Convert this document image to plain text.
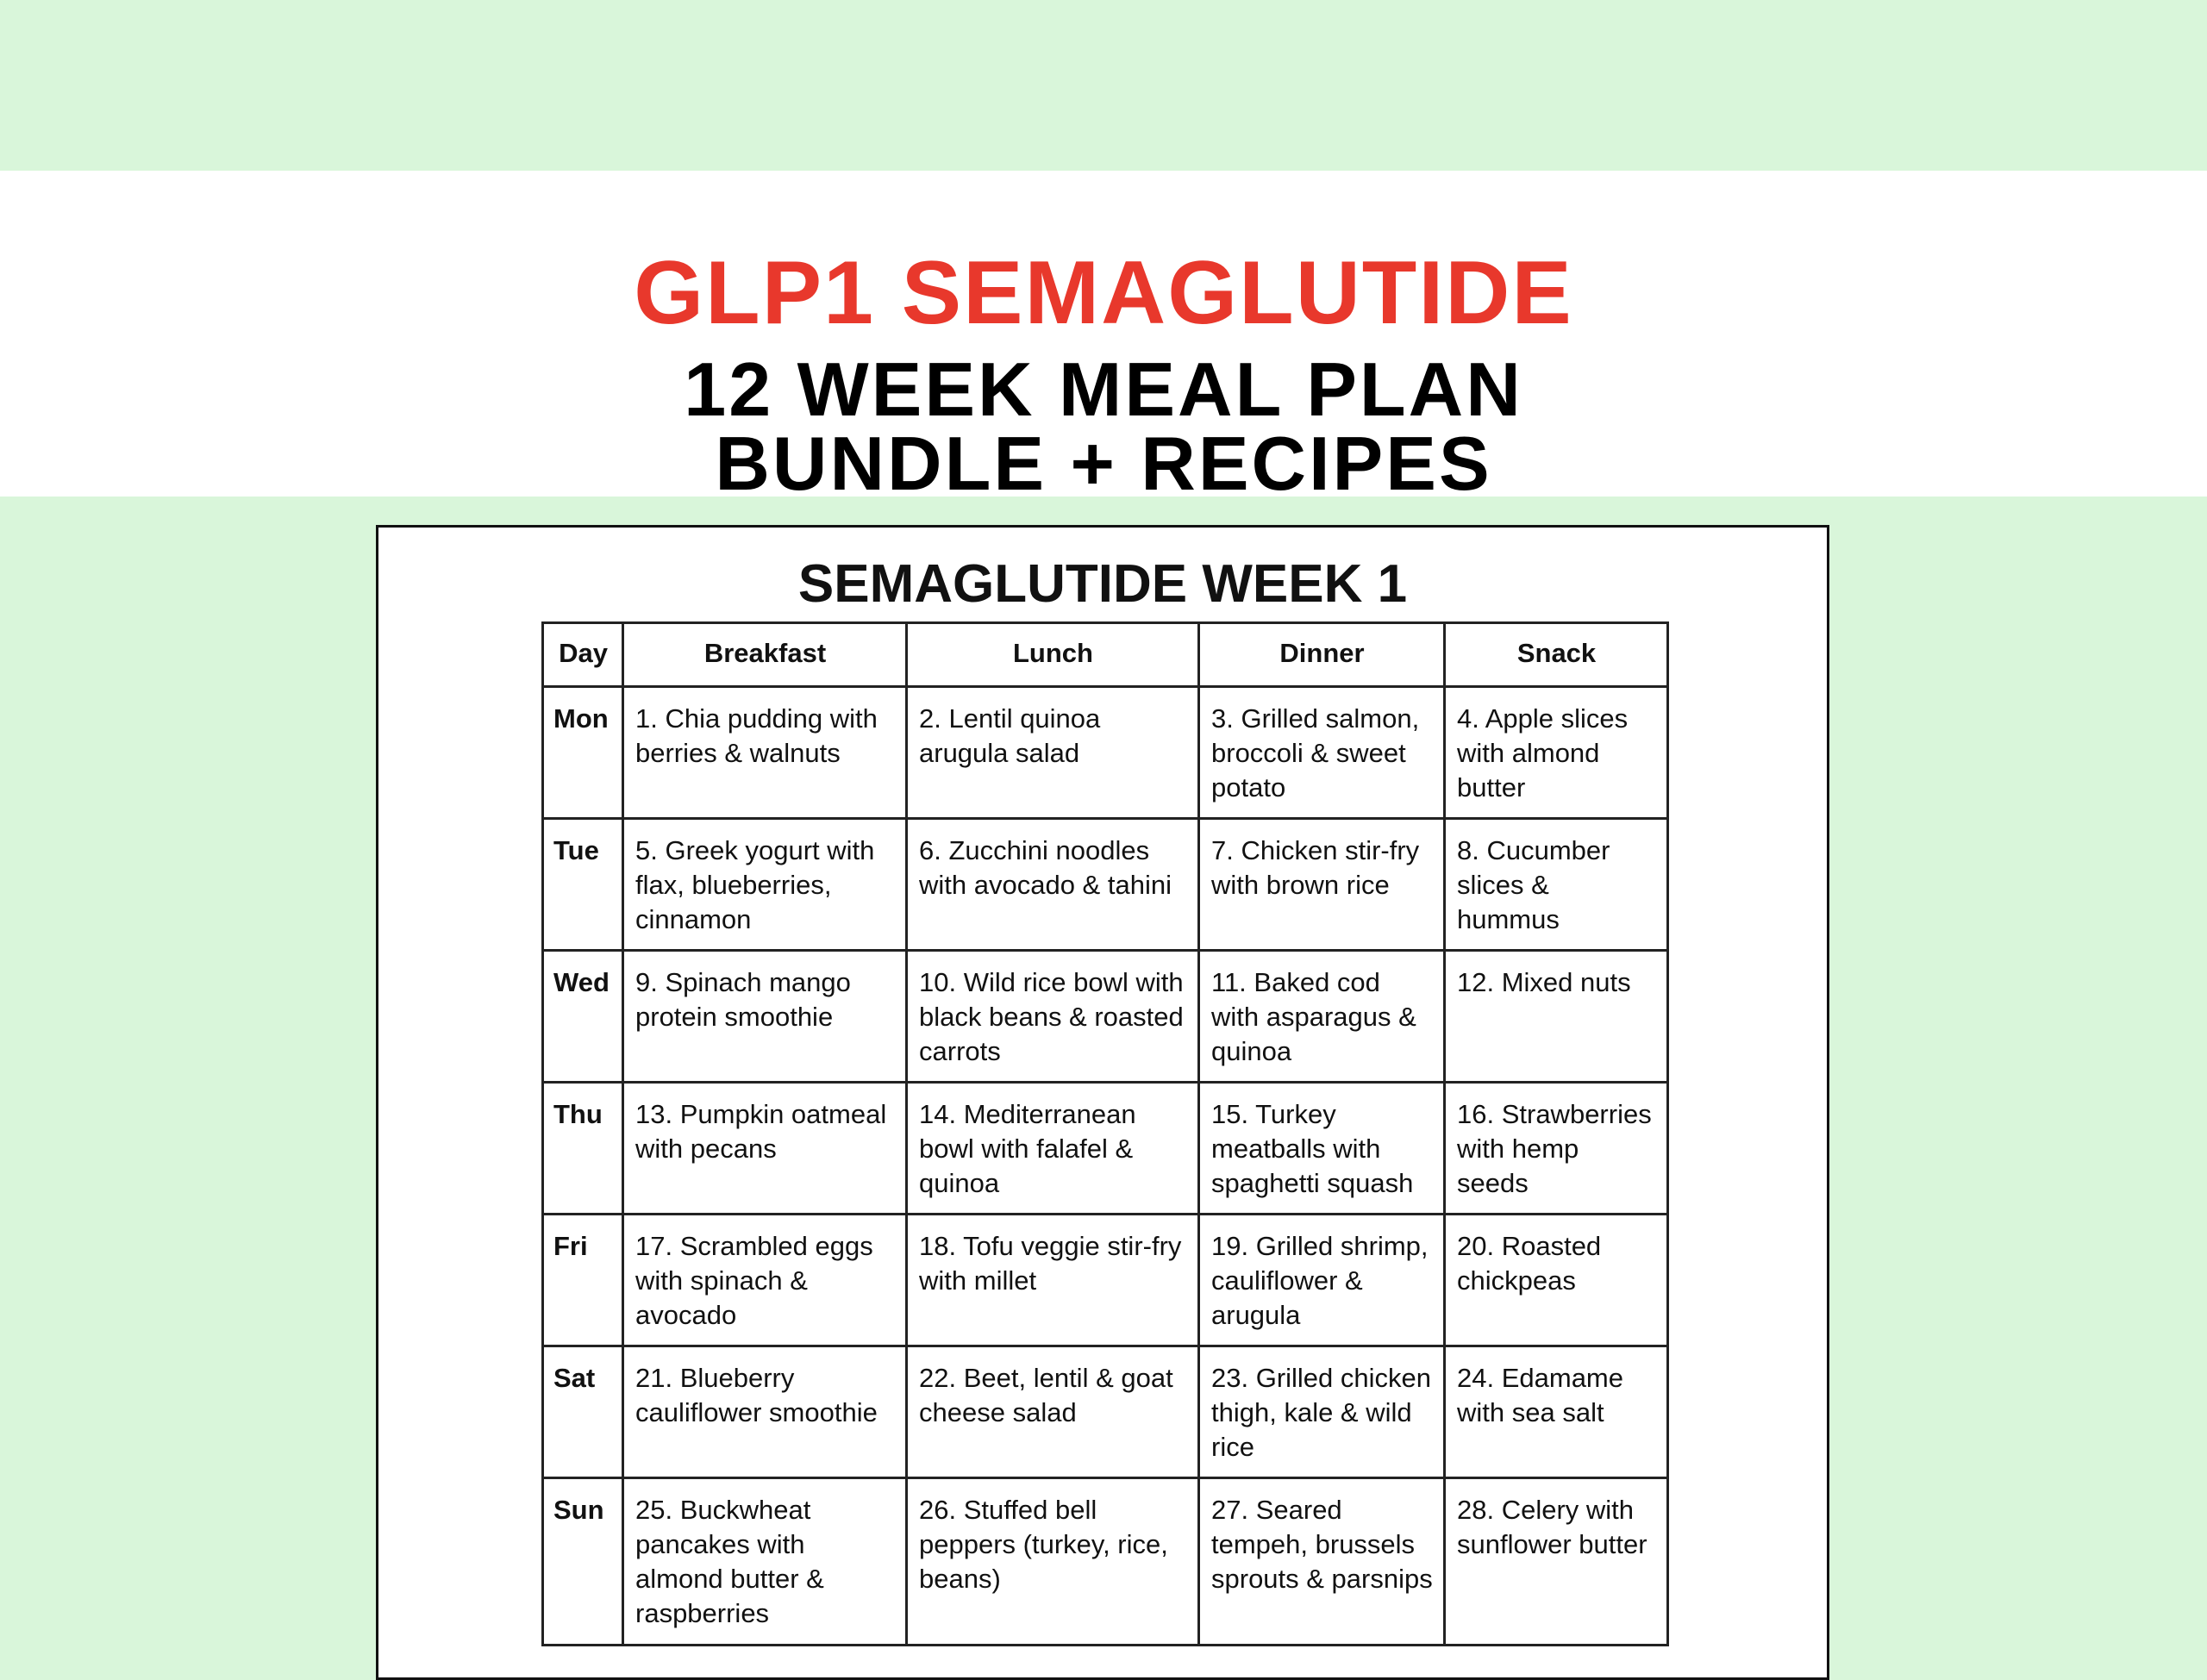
GLP1 SEMAGLUTIDE
12 WEEK MEAL PLAN
BUNDLE + RECIPES
SEMAGLUTIDE WEEK 1
Day	Breakfast	Lunch	Dinner	Snack
Mon	1. Chia pudding with berries & walnuts	2. Lentil quinoa arugula salad	3. Grilled salmon, broccoli & sweet potato	4. Apple slices with almond butter
Tue	5. Greek yogurt with flax, blueberries, cinnamon	6. Zucchini noodles with avocado & tahini	7. Chicken stir-fry with brown rice	8. Cucumber slices & hummus
Wed	9. Spinach mango protein smoothie	10. Wild rice bowl with black beans & roasted carrots	11. Baked cod with asparagus & quinoa	12. Mixed nuts
Thu	13. Pumpkin oatmeal with pecans	14. Mediterranean bowl with falafel & quinoa	15. Turkey meatballs with spaghetti squash	16. Strawberries with hemp seeds
Fri	17. Scrambled eggs with spinach & avocado	18. Tofu veggie stir-fry with millet	19. Grilled shrimp, cauliflower & arugula	20. Roasted chickpeas
Sat	21. Blueberry cauliflower smoothie	22. Beet, lentil & goat cheese salad	23. Grilled chicken thigh, kale & wild rice	24. Edamame with sea salt
Sun	25. Buckwheat pancakes with almond butter & raspberries	26. Stuffed bell peppers (turkey, rice, beans)	27. Seared tempeh, brussels sprouts & parsnips	28. Celery with sunflower butter
